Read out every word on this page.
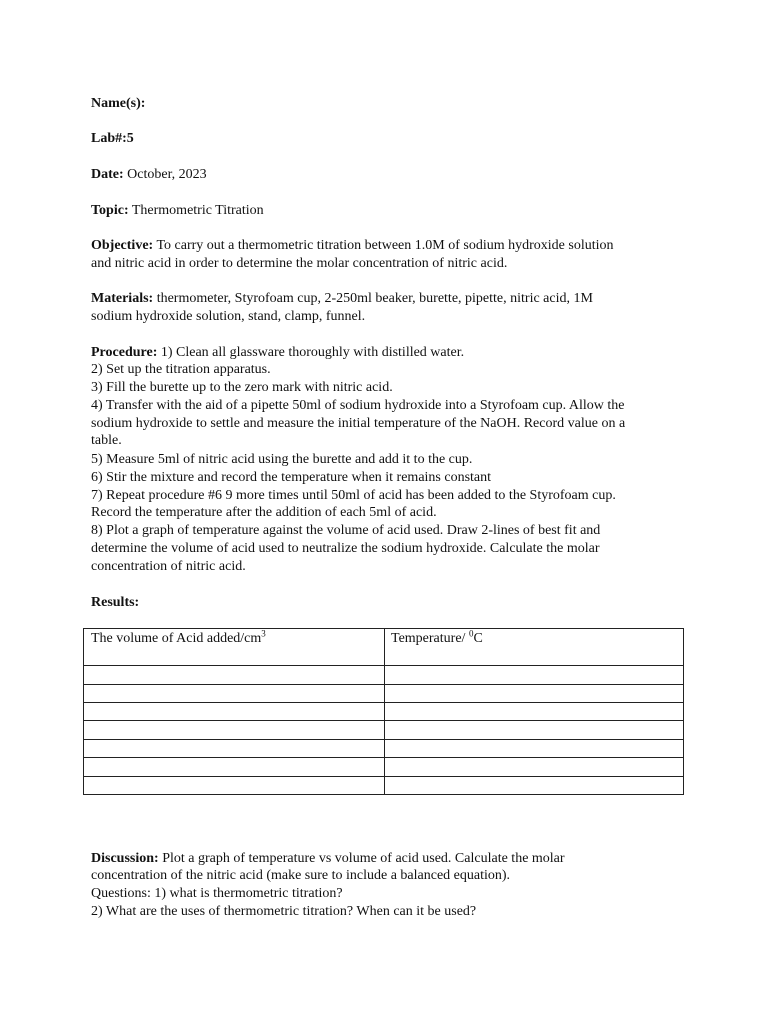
Name(s):
Lab#:5
Date: October, 2023
Topic: Thermometric Titration
Objective: To carry out a thermometric titration between 1.0M of sodium hydroxide solution
and nitric acid in order to determine the molar concentration of nitric acid.
Materials: thermometer, Styrofoam cup, 2-250ml beaker, burette, pipette, nitric acid, 1M
sodium hydroxide solution, stand, clamp, funnel.
Procedure: 1) Clean all glassware thoroughly with distilled water.
2) Set up the titration apparatus.
3) Fill the burette up to the zero mark with nitric acid.
4) Transfer with the aid of a pipette 50ml of sodium hydroxide into a Styrofoam cup. Allow the
sodium hydroxide to settle and measure the initial temperature of the NaOH. Record value on a
table.
5) Measure 5ml of nitric acid using the burette and add it to the cup.
6) Stir the mixture and record the temperature when it remains constant
7) Repeat procedure #6 9 more times until 50ml of acid has been added to the Styrofoam cup.
Record the temperature after the addition of each 5ml of acid.
8) Plot a graph of temperature against the volume of acid used. Draw 2-lines of best fit and
determine the volume of acid used to neutralize the sodium hydroxide. Calculate the molar
concentration of nitric acid.
Results:
Discussion: Plot a graph of temperature vs volume of acid used. Calculate the molar
concentration of the nitric acid (make sure to include a balanced equation).
Questions: 1) what is thermometric titration?
2) What are the uses of thermometric titration? When can it be used?
The volume of Acid added/$cm^3$	Temperature/ $^0$C
